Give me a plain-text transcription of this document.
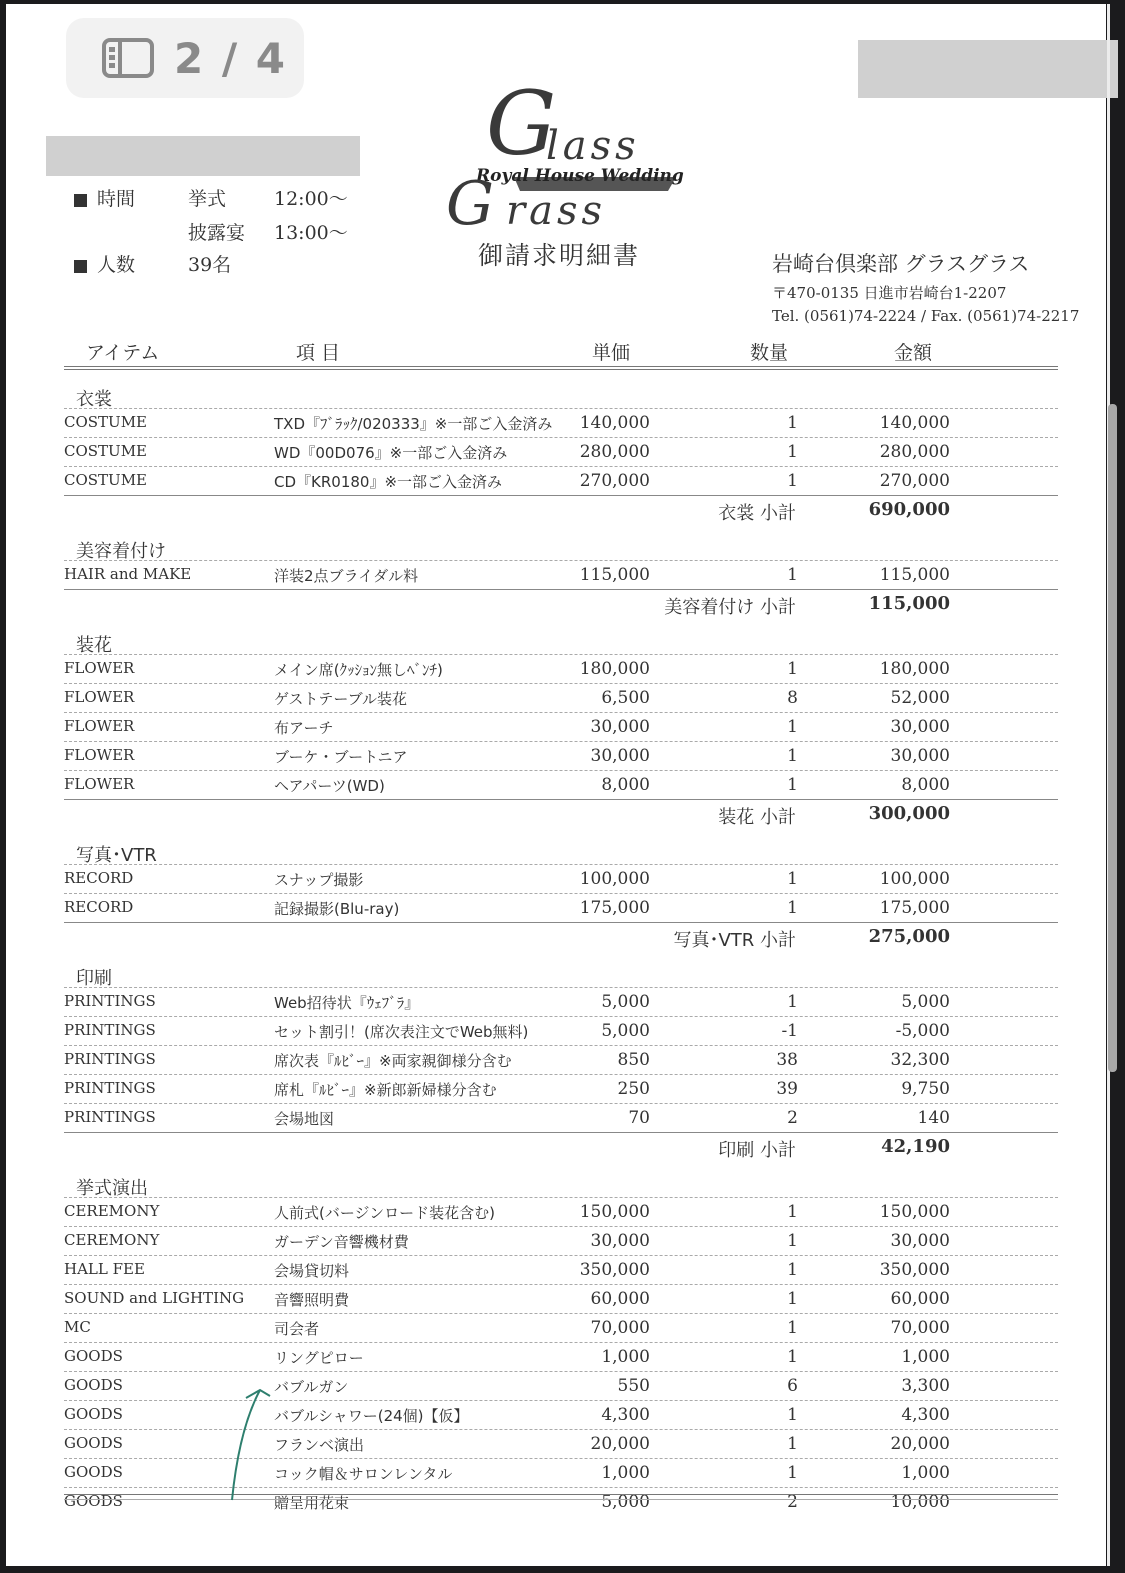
2 / 4
時間	挙式	12:00～
披露宴 13:00～
人数	39名
G
lass
Royal House Wedding
G rass
御請求明細書	岩崎台倶楽部 グラスグラス
〒470-0135 日進市岩崎台1-2207
Tel. (0561)74-2224 / Fax. (0561)74-2217
アイテム	項 目	単価	数量	金額
衣裳
COSTUME	TXD『ﾌﾞﾗｯｸ/020333』※一部ご入金済み 140,000	1	140,000
COSTUME	WD『00D076』※一部ご入金済み	280,000	1	280,000
COSTUME	CD『KR0180』※一部ご入金済み	270,000	1	270,000
衣裳 小計	690,000
美容着付け
HAIR and MAKE	洋装2点ブライダル料	115,000	1	115,000
美容着付け 小計	115,000
装花
FLOWER	メイン席(ｸｯｼｮﾝ無しﾍﾞﾝﾁ)	180,000	1	180,000
FLOWER	ゲストテーブル装花	6,500	8	52,000
FLOWER	布アーチ	30,000	1	30,000
FLOWER	ブーケ・ブートニア	30,000	1	30,000
FLOWER	ヘアパーツ(WD)	8,000	1	8,000
装花 小計	300,000
写真･VTR
RECORD	スナップ撮影	100,000	1	100,000
RECORD	記録撮影(Blu-ray)	175,000	1	175,000
写真･VTR 小計	275,000
印刷
PRINTINGS	Web招待状『ｳｪﾌﾞﾗ』	5,000	1	5,000
PRINTINGS	セット割引！(席次表注文でWeb無料)	5,000	-1	-5,000
PRINTINGS	席次表『ﾙﾋﾞｰ』※両家親御様分含む	850	38	32,300
PRINTINGS	席札『ﾙﾋﾞｰ』※新郎新婦様分含む	250	39	9,750
PRINTINGS	会場地図	70	2	140
印刷 小計	42,190
挙式演出
CEREMONY	人前式(バージンロード装花含む)	150,000	1	150,000
CEREMONY	ガーデン音響機材費	30,000	1	30,000
HALL FEE	会場貸切料	350,000	1	350,000
SOUND and LIGHTING 音響照明費	60,000	1	60,000
MC	司会者	70,000	1	70,000
GOODS	リングピロー	1,000	1	1,000
GOODS	バブルガン	550	6	3,300
GOODS	バブルシャワー(24個)【仮】	4,300	1	4,300
GOODS	フランベ演出	20,000	1	20,000
GOODS	コック帽＆サロンレンタル	1,000	1	1,000
GOODS	贈呈用花束	5,000	2	10,000
